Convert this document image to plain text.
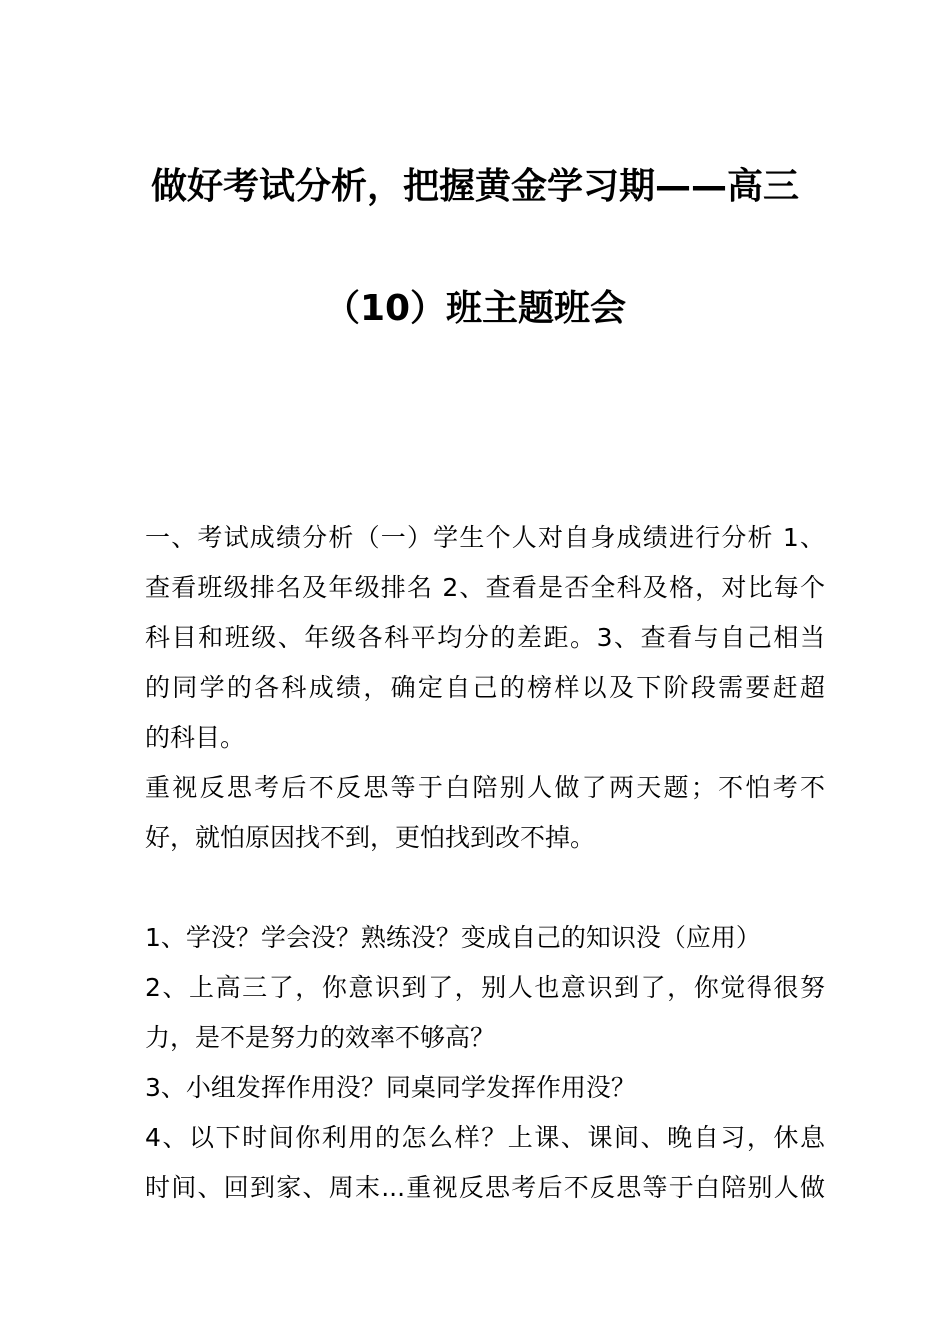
做好考试分析，把握黄金学习期——高三
（10）班主题班会
一、考试成绩分析（一）学生个人对自身成绩进行分析 1、
查看班级排名及年级排名 2、查看是否全科及格，对比每个
科目和班级、年级各科平均分的差距。3、查看与自己相当
的同学的各科成绩，确定自己的榜样以及下阶段需要赶超
的科目。
重视反思考后不反思等于白陪别人做了两天题；不怕考不
好，就怕原因找不到，更怕找到改不掉。
1、学没？学会没？熟练没？变成自己的知识没（应用）
2、上高三了，你意识到了，别人也意识到了，你觉得很努
力，是不是努力的效率不够高？
3、小组发挥作用没？同桌同学发挥作用没？
4、以下时间你利用的怎么样？上课、课间、晚自习，休息
时间、回到家、周末...重视反思考后不反思等于白陪别人做
